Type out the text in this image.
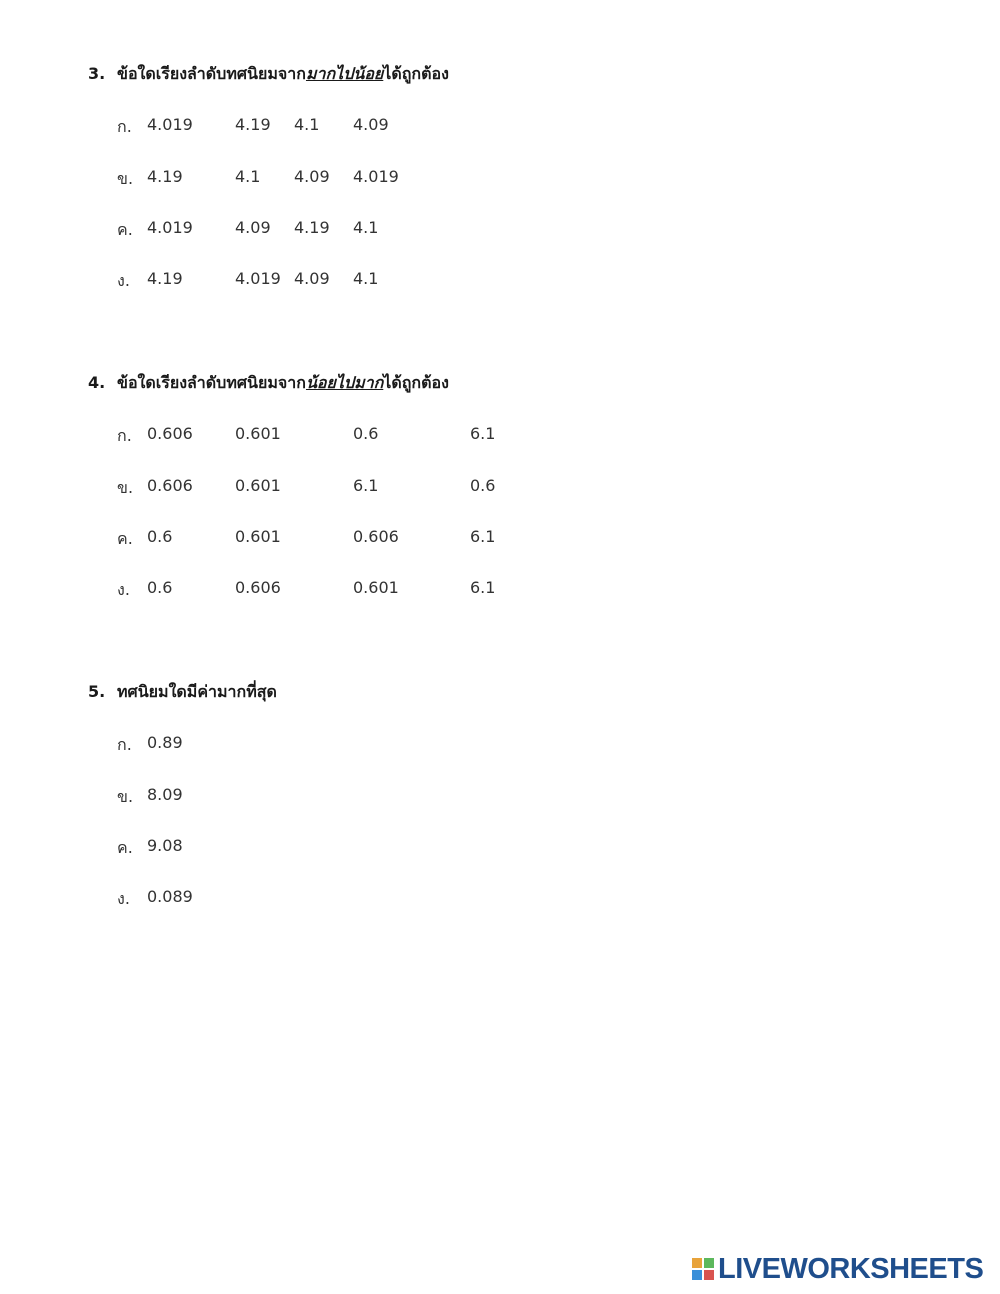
3. ข้อใดเรียงลำดับทศนิยมจากมากไปน้อยได้ถูกต้อง
ก. 4.019	4.19 4.1 4.09
ข. 4.19	4.1 4.09 4.019
ค. 4.019	4.09 4.19 4.1
ง. 4.19	4.019 4.09 4.1
4. ข้อใดเรียงลำดับทศนิยมจากน้อยไปมากได้ถูกต้อง
ก. 0.606	0.601	0.6	6.1
ข. 0.606	0.601	6.1	0.6
ค. 0.6	0.601	0.606	6.1
ง. 0.6	0.606	0.601	6.1
5. ทศนิยมใดมีค่ามากที่สุด
ก. 0.89
ข. 8.09
ค. 9.08
ง. 0.089
LIVEWORKSHEETS
